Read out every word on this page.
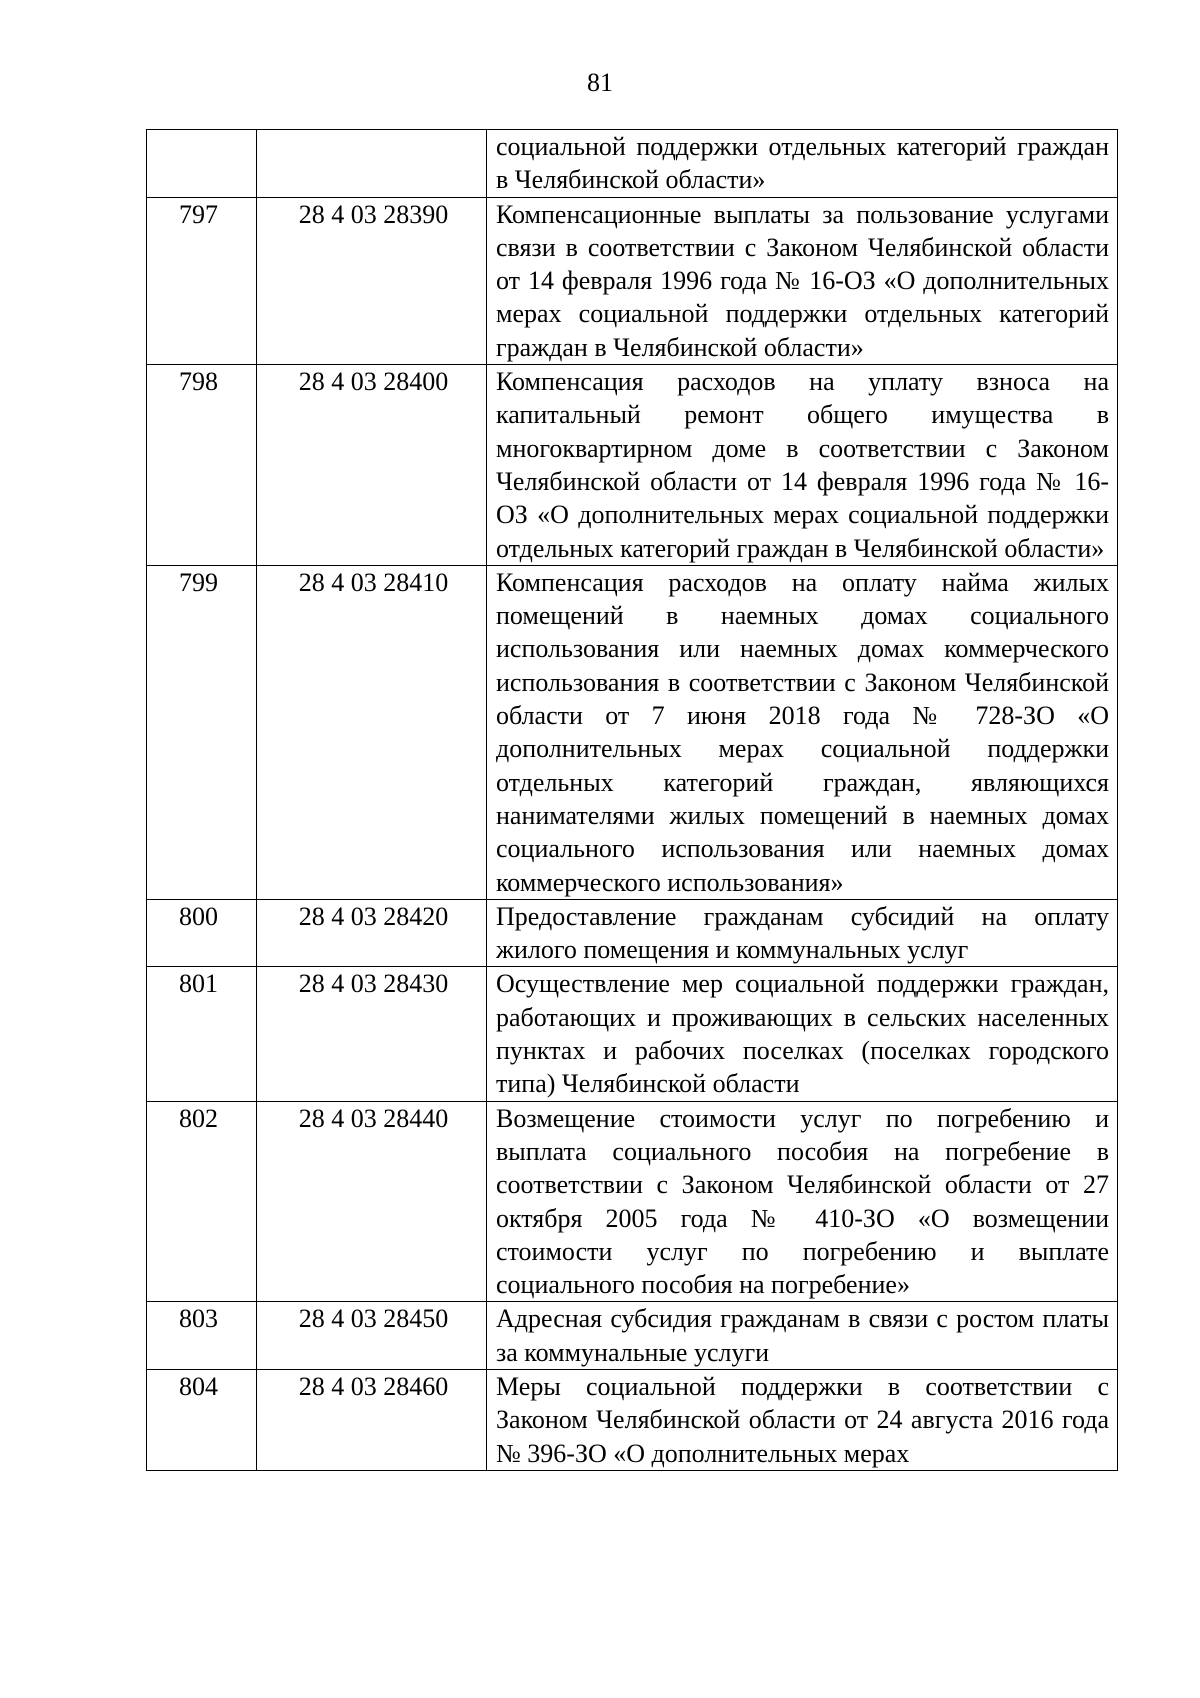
81
		социальной поддержки отдельных категорий граждан в Челябинской области»
797	28 4 03 28390	Компенсационные выплаты за пользование услугами связи в соответствии с Законом Челябинской области от 14 февраля 1996 года № 16-ОЗ «О дополнительных мерах социальной поддержки отдельных категорий граждан в Челябинской области»
798	28 4 03 28400	Компенсация расходов на уплату взноса на капитальный ремонт общего имущества в многоквартирном доме в соответствии с Законом Челябинской области от 14 февраля 1996 года № 16-ОЗ «О дополнительных мерах социальной поддержки отдельных категорий граждан в Челябинской области»
799	28 4 03 28410	Компенсация расходов на оплату найма жилых помещений в наемных домах социального использования или наемных домах коммерческого использования в соответствии с Законом Челябинской области от 7 июня 2018 года № 728-ЗО «О дополнительных мерах социальной поддержки отдельных категорий граждан, являющихся нанимателями жилых помещений в наемных домах социального использования или наемных домах коммерческого использования»
800	28 4 03 28420	Предоставление гражданам субсидий на оплату жилого помещения и коммунальных услуг
801	28 4 03 28430	Осуществление мер социальной поддержки граждан, работающих и проживающих в сельских населенных пунктах и рабочих поселках (поселках городского типа) Челябинской области
802	28 4 03 28440	Возмещение стоимости услуг по погребению и выплата социального пособия на погребение в соответствии с Законом Челябинской области от 27 октября 2005 года № 410-ЗО «О возмещении стоимости услуг по погребению и выплате социального пособия на погребение»
803	28 4 03 28450	Адресная субсидия гражданам в связи с ростом платы за коммунальные услуги
804	28 4 03 28460	Меры социальной поддержки в соответствии с Законом Челябинской области от 24 августа 2016 года № 396-ЗО «О дополнительных мерах
